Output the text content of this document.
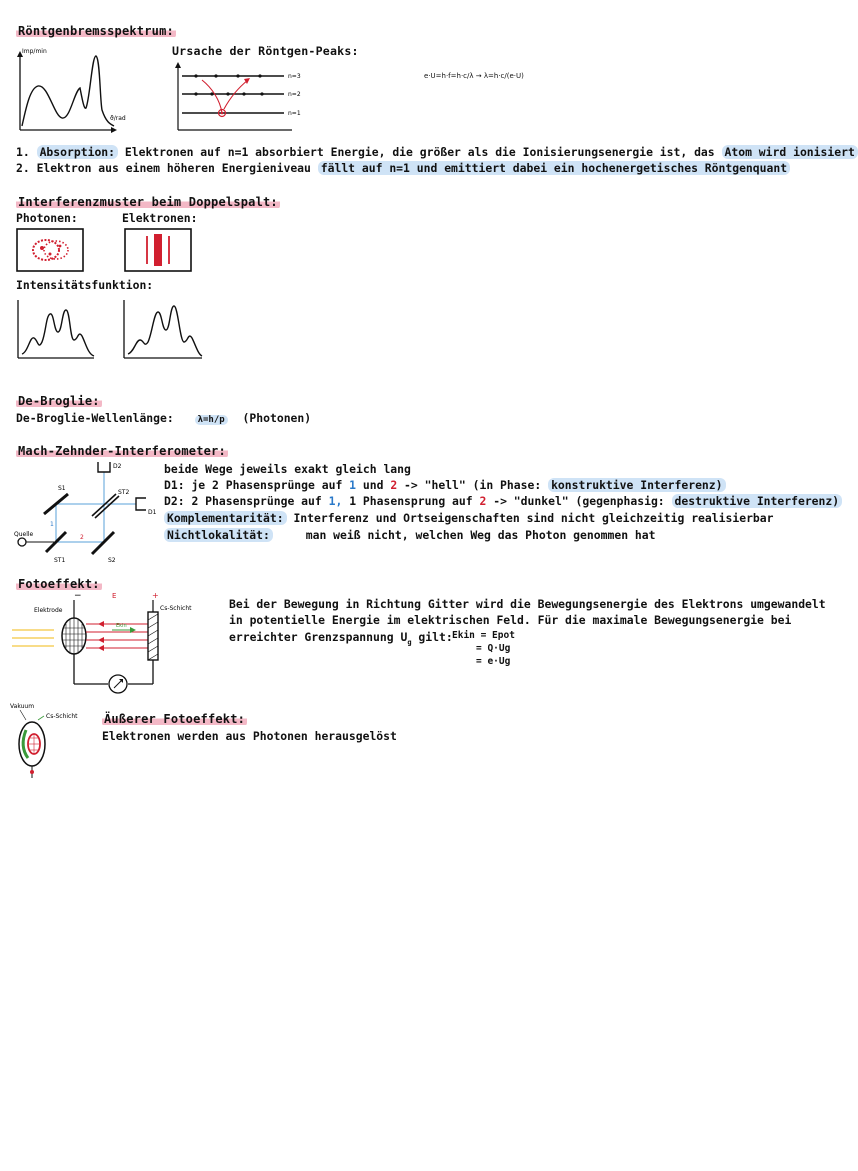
Röntgenbremsspektrum:
Imp/min
ϑ/rad
Ursache der Röntgen-Peaks:
n=3
n=2
n=1
e·U=h·f=h·c/λ → λ=h·c/(e·U)
1. Absorption: Elektronen auf n=1 absorbiert Energie, die größer als die Ionisierungsenergie ist, das Atom wird ionisiert
2. Elektron aus einem höheren Energieniveau fällt auf n=1 und emittiert dabei ein hochenergetisches Röntgenquant
Interferenzmuster beim Doppelspalt:
Photonen:	Elektronen:
Intensitätsfunktion:
De-Broglie:
De-Broglie-Wellenlänge:	λ=h/p (Photonen)
Mach-Zehnder-Interferometer:
Quelle
ST1
ST2
S1
S2
D2
D1
1
2
beide Wege jeweils exakt gleich lang
D1: je 2 Phasensprünge auf 1 und 2 -> "hell" (in Phase: konstruktive Interferenz)
D2: 2 Phasensprünge auf 1, 1 Phasensprung auf 2 -> "dunkel" (gegenphasig: destruktive Interferenz)
Komplementarität: Interferenz und Ortseigenschaften sind nicht gleichzeitig realisierbar
Nichtlokalität:	man weiß nicht, welchen Weg das Photon genommen hat
Fotoeffekt:
−	E	+
Elektrode	Cs-Schicht
Ekin
Bei der Bewegung in Richtung Gitter wird die Bewegungsenergie des Elektrons umgewandelt
in potentielle Energie im elektrischen Feld. Für die maximale Bewegungsenergie bei
erreichter Grenzspannung $U_g$ gilt: Ekin = Epot
= Q·Ug
= e·Ug
Vakuum
Cs-Schicht Äußerer Fotoeffekt:
Elektronen werden aus Photonen herausgelöst
